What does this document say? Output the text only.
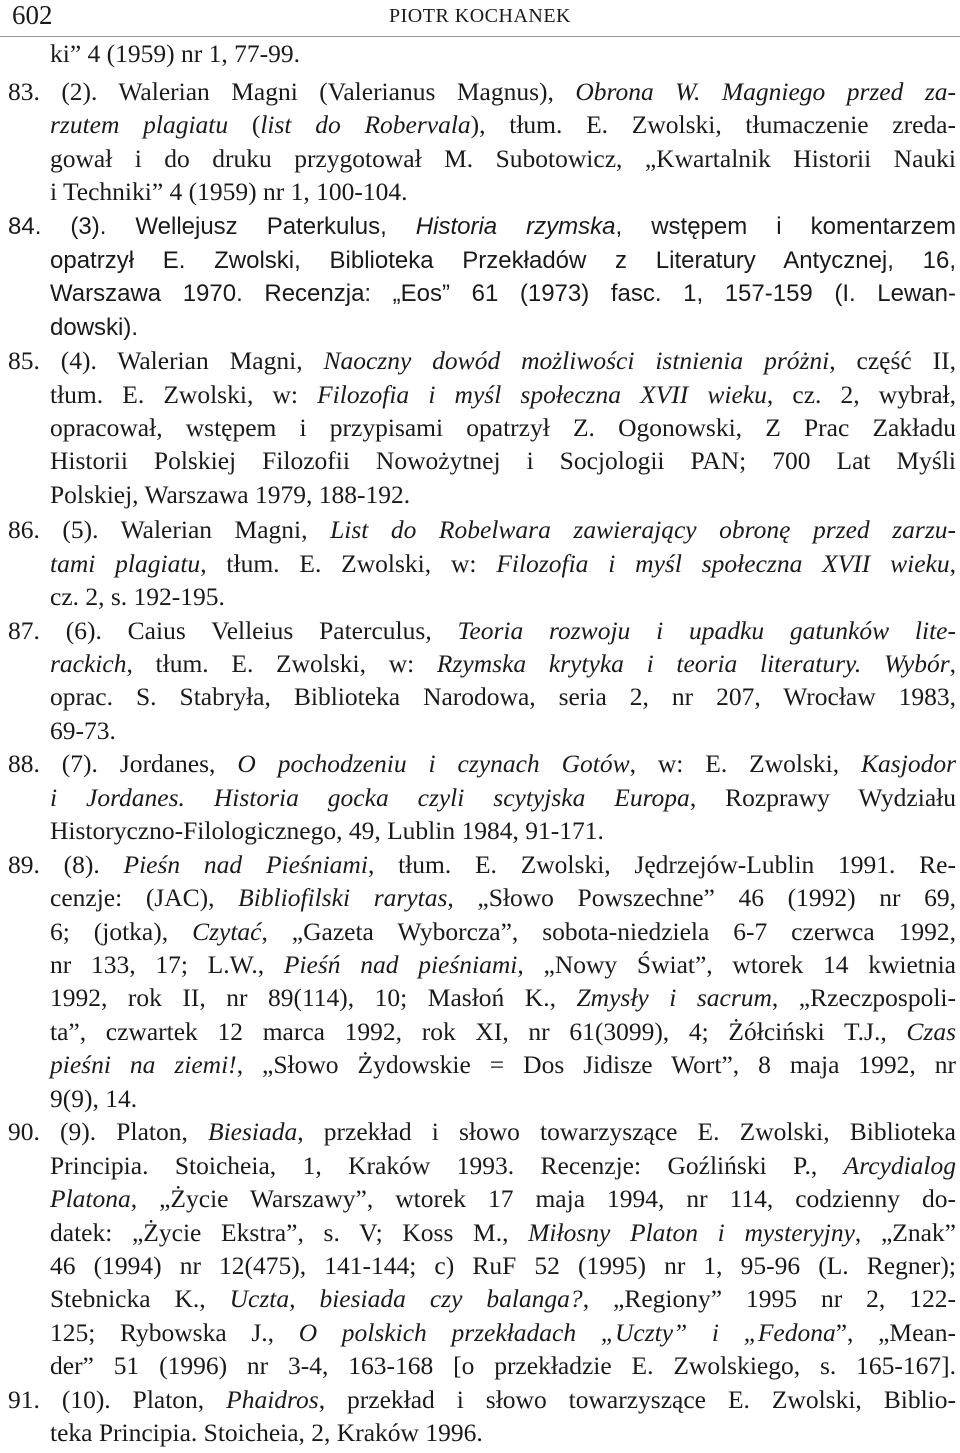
602	PIOTR KOCHANEK
ki” 4 (1959) nr 1, 77-99.
83. (2). Walerian Magni (Valerianus Magnus), Obrona W. Magniego przed za-
rzutem plagiatu (list do Robervala), tłum. E. Zwolski, tłumaczenie zreda-
gował i do druku przygotował M. Subotowicz, „Kwartalnik Historii Nauki
i Techniki” 4 (1959) nr 1, 100-104.
84. (3). Wellejusz Paterkulus, Historia rzymska, wstępem i komentarzem
opatrzył E. Zwolski, Biblioteka Przekładów z Literatury Antycznej, 16,
Warszawa 1970. Recenzja: „Eos” 61 (1973) fasc. 1, 157-159 (I. Lewan-
dowski).
85. (4). Walerian Magni, Naoczny dowód możliwości istnienia próżni, część II,
tłum. E. Zwolski, w: Filozofia i myśl społeczna XVII wieku, cz. 2, wybrał,
opracował, wstępem i przypisami opatrzył Z. Ogonowski, Z Prac Zakładu
Historii Polskiej Filozofii Nowożytnej i Socjologii PAN; 700 Lat Myśli
Polskiej, Warszawa 1979, 188-192.
86. (5). Walerian Magni, List do Robelwara zawierający obronę przed zarzu-
tami plagiatu, tłum. E. Zwolski, w: Filozofia i myśl społeczna XVII wieku,
cz. 2, s. 192-195.
87. (6). Caius Velleius Paterculus, Teoria rozwoju i upadku gatunków lite-
rackich, tłum. E. Zwolski, w: Rzymska krytyka i teoria literatury. Wybór,
oprac. S. Stabryła, Biblioteka Narodowa, seria 2, nr 207, Wrocław 1983,
69-73.
88. (7). Jordanes, O pochodzeniu i czynach Gotów, w: E. Zwolski, Kasjodor
i Jordanes. Historia gocka czyli scytyjska Europa, Rozprawy Wydziału
Historyczno-Filologicznego, 49, Lublin 1984, 91-171.
89. (8). Pieśn nad Pieśniami, tłum. E. Zwolski, Jędrzejów-Lublin 1991. Re-
cenzje: (JAC), Bibliofilski rarytas, „Słowo Powszechne” 46 (1992) nr 69,
6; (jotka), Czytać, „Gazeta Wyborcza”, sobota-niedziela 6-7 czerwca 1992,
nr 133, 17; L.W., Pieśń nad pieśniami, „Nowy Świat”, wtorek 14 kwietnia
1992, rok II, nr 89(114), 10; Masłoń K., Zmysły i sacrum, „Rzeczpospoli-
ta”, czwartek 12 marca 1992, rok XI, nr 61(3099), 4; Żółciński T.J., Czas
pieśni na ziemi!, „Słowo Żydowskie = Dos Jidisze Wort”, 8 maja 1992, nr
9(9), 14.
90. (9). Platon, Biesiada, przekład i słowo towarzyszące E. Zwolski, Biblioteka
Principia. Stoicheia, 1, Kraków 1993. Recenzje: Goźliński P., Arcydialog
Platona, „Życie Warszawy”, wtorek 17 maja 1994, nr 114, codzienny do-
datek: „Życie Ekstra”, s. V; Koss M., Miłosny Platon i mysteryjny, „Znak”
46 (1994) nr 12(475), 141-144; c) RuF 52 (1995) nr 1, 95-96 (L. Regner);
Stebnicka K., Uczta, biesiada czy balanga?, „Regiony” 1995 nr 2, 122-
125; Rybowska J., O polskich przekładach „Uczty” i „Fedona”, „Mean-
der” 51 (1996) nr 3-4, 163-168 [o przekładzie E. Zwolskiego, s. 165-167].
91. (10). Platon, Phaidros, przekład i słowo towarzyszące E. Zwolski, Biblio-
teka Principia. Stoicheia, 2, Kraków 1996.
